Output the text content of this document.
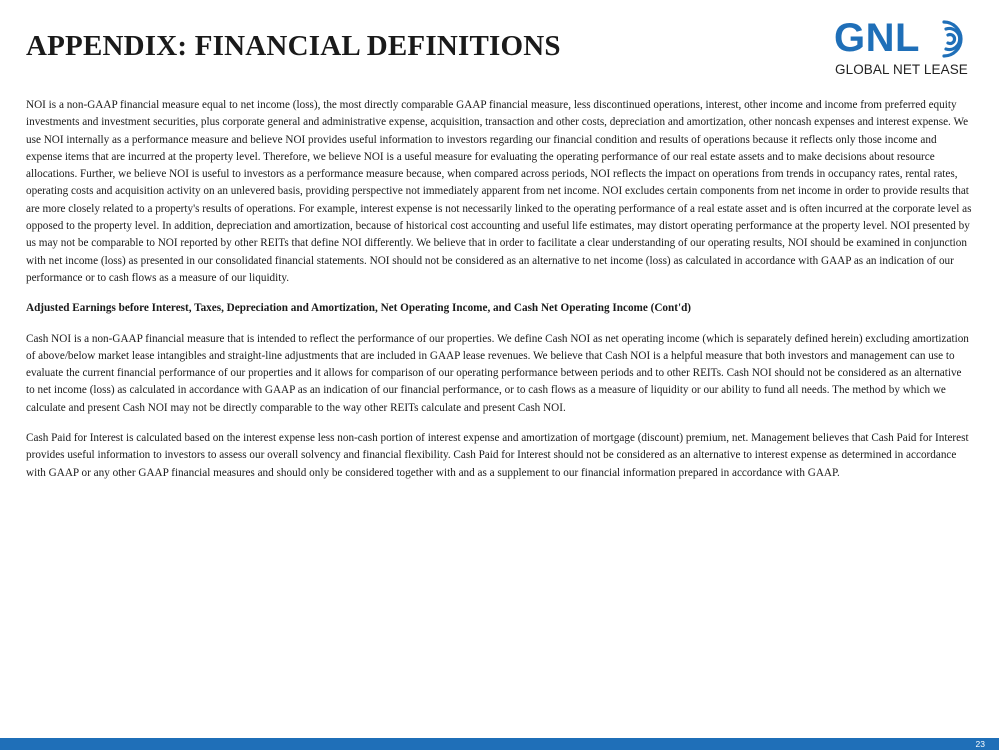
APPENDIX: FINANCIAL DEFINITIONS	GNL
GLOBAL NET LEASE

NOI is a non-GAAP financial measure equal to net income (loss), the most directly comparable GAAP financial measure, less discontinued operations, interest, other income and income from preferred equity investments and investment securities, plus corporate general and administrative expense, acquisition, transaction and other costs, depreciation and amortization, other noncash expenses and interest expense. We use NOI internally as a performance measure and believe NOI provides useful information to investors regarding our financial condition and results of operations because it reflects only those income and expense items that are incurred at the property level. Therefore, we believe NOI is a useful measure for evaluating the operating performance of our real estate assets and to make decisions about resource allocations. Further, we believe NOI is useful to investors as a performance measure because, when compared across periods, NOI reflects the impact on operations from trends in occupancy rates, rental rates, operating costs and acquisition activity on an unlevered basis, providing perspective not immediately apparent from net income. NOI excludes certain components from net income in order to provide results that are more closely related to a property's results of operations. For example, interest expense is not necessarily linked to the operating performance of a real estate asset and is often incurred at the corporate level as opposed to the property level. In addition, depreciation and amortization, because of historical cost accounting and useful life estimates, may distort operating performance at the property level. NOI presented by us may not be comparable to NOI reported by other REITs that define NOI differently. We believe that in order to facilitate a clear understanding of our operating results, NOI should be examined in conjunction with net income (loss) as presented in our consolidated financial statements. NOI should not be considered as an alternative to net income (loss) as calculated in accordance with GAAP as an indication of our performance or to cash flows as a measure of our liquidity.

Adjusted Earnings before Interest, Taxes, Depreciation and Amortization, Net Operating Income, and Cash Net Operating Income (Cont'd)

Cash NOI is a non-GAAP financial measure that is intended to reflect the performance of our properties. We define Cash NOI as net operating income (which is separately defined herein) excluding amortization of above/below market lease intangibles and straight-line adjustments that are included in GAAP lease revenues. We believe that Cash NOI is a helpful measure that both investors and management can use to evaluate the current financial performance of our properties and it allows for comparison of our operating performance between periods and to other REITs. Cash NOI should not be considered as an alternative to net income (loss) as calculated in accordance with GAAP as an indication of our financial performance, or to cash flows as a measure of liquidity or our ability to fund all needs. The method by which we calculate and present Cash NOI may not be directly comparable to the way other REITs calculate and present Cash NOI.

Cash Paid for Interest is calculated based on the interest expense less non-cash portion of interest expense and amortization of mortgage (discount) premium, net. Management believes that Cash Paid for Interest provides useful information to investors to assess our overall solvency and financial flexibility. Cash Paid for Interest should not be considered as an alternative to interest expense as determined in accordance with GAAP or any other GAAP financial measures and should only be considered together with and as a supplement to our financial information prepared in accordance with GAAP.

23
